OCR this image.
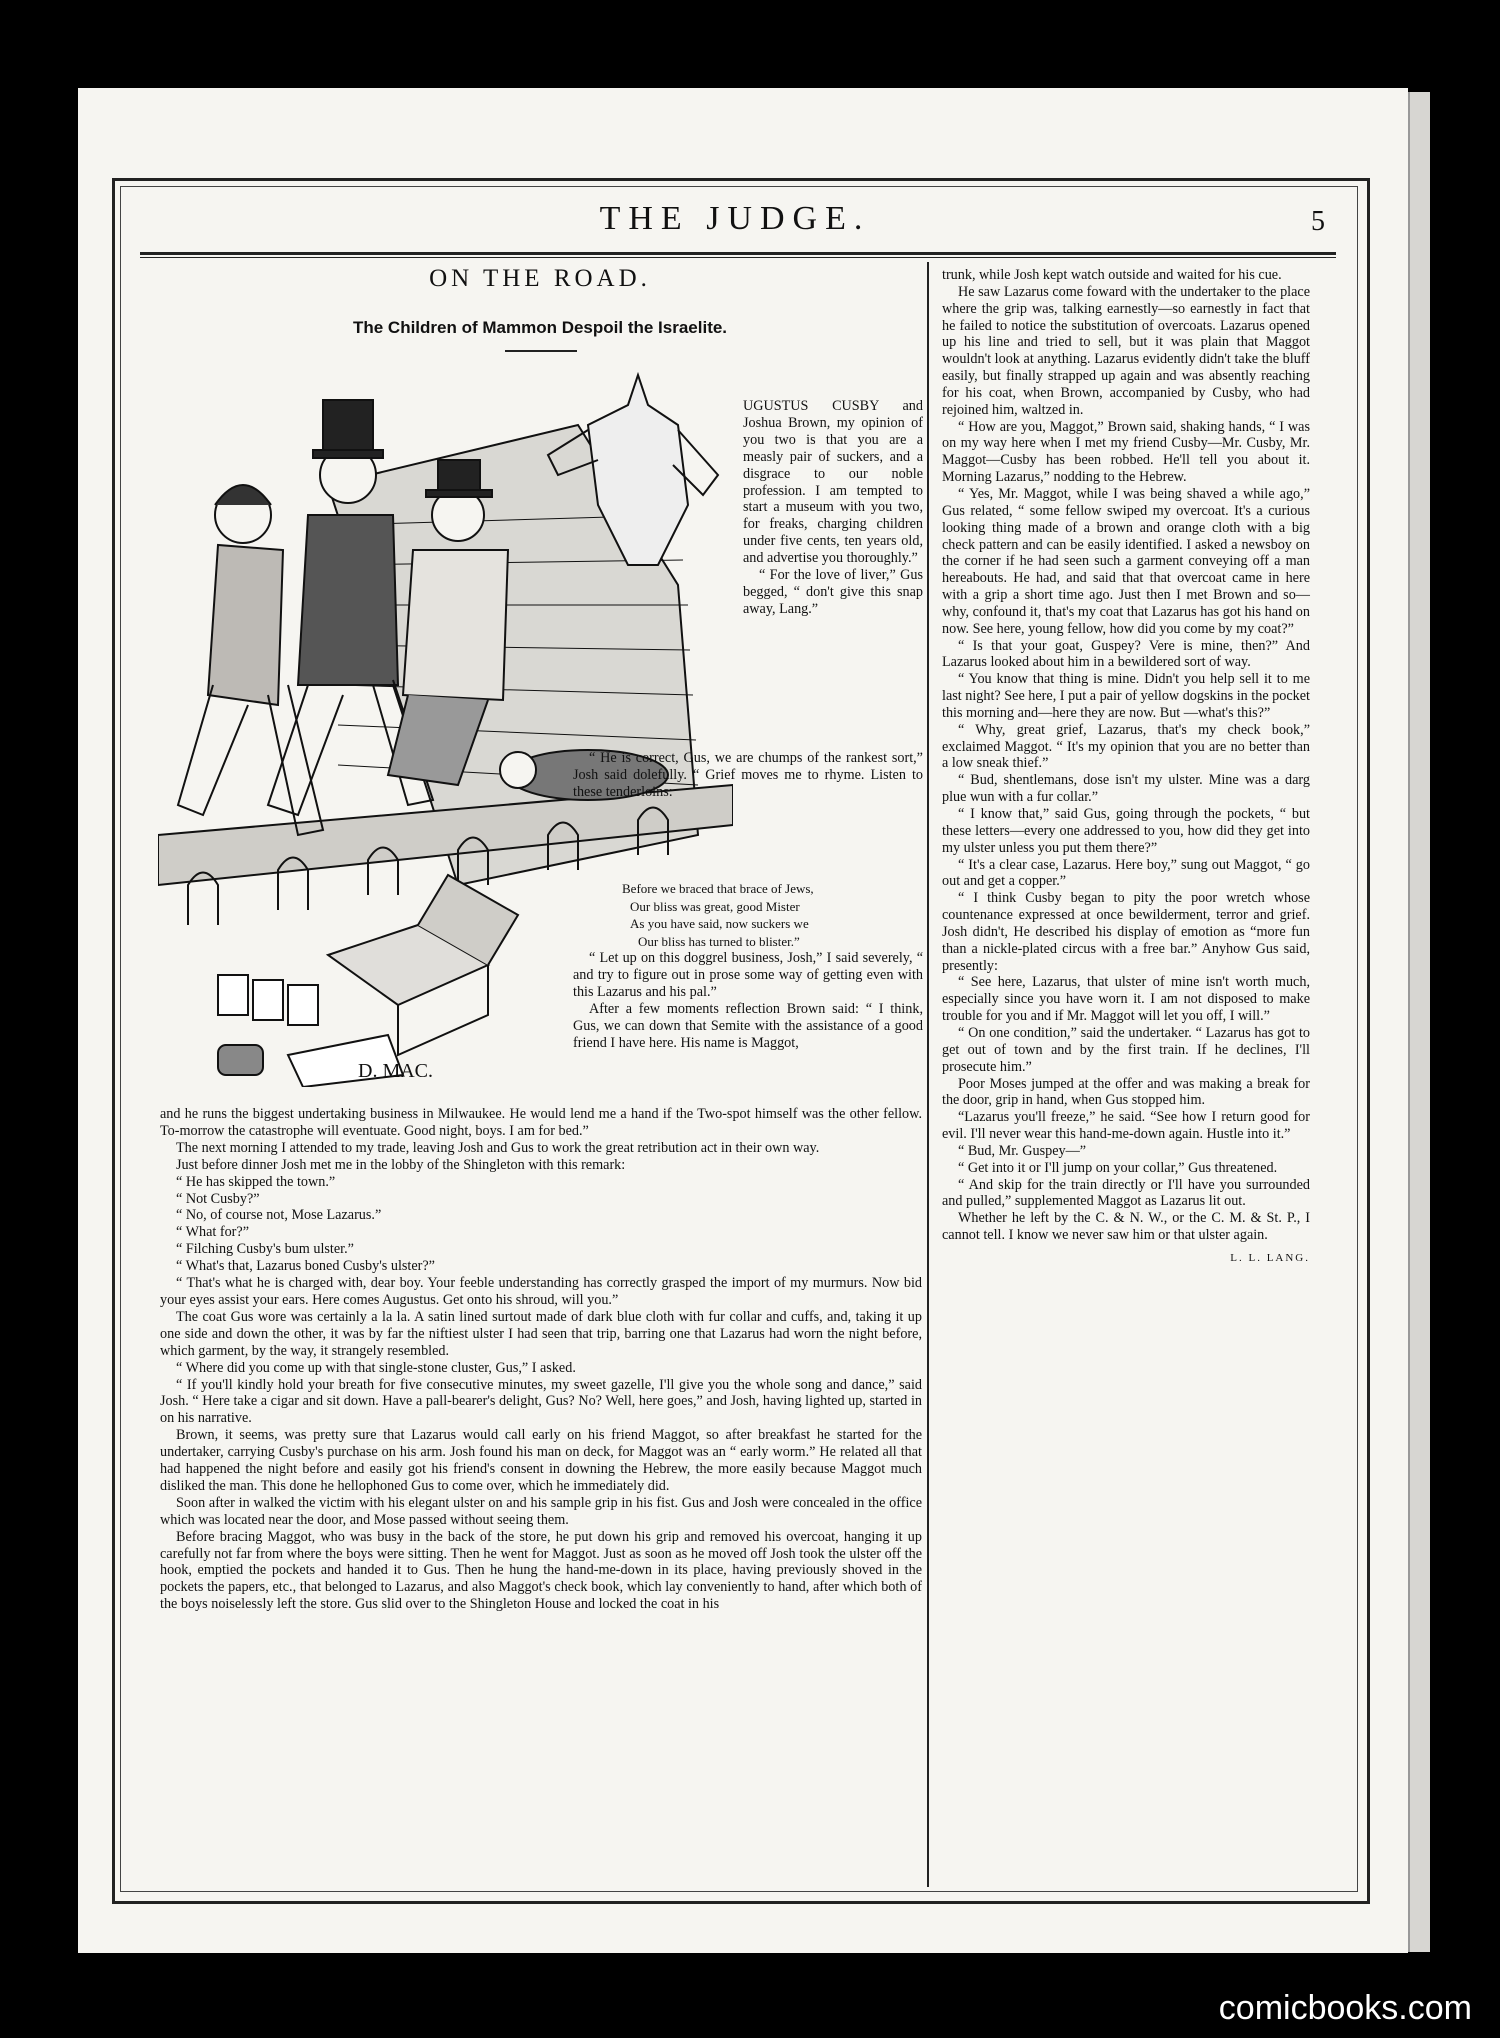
THE JUDGE.	5
ON THE ROAD.
The Children of Mammon Despoil the Israelite.
D. MAC.

UGUSTUS CUSBY and Joshua Brown, my opinion of you two is that you are a measly pair of suckers, and a disgrace to our noble profession. I am tempted to start a museum with you two, for freaks, charging children under five cents, ten years old, and advertise you thoroughly.”

“ For the love of liver,” Gus begged, “ don't give this snap away, Lang.”

“ He is correct, Gus, we are chumps of the rankest sort,” Josh said dolefully. “ Grief moves me to rhyme. Listen to these tenderloins:

Before we braced that brace of Jews,
Our bliss was great, good Mister
As you have said, now suckers we
Our bliss has turned to blister.”

“ Let up on this doggrel business, Josh,” I said severely, “ and try to figure out in prose some way of getting even with this Lazarus and his pal.”

After a few moments reflection Brown said: “ I think, Gus, we can down that Semite with the assistance of a good friend I have here. His name is Maggot,

and he runs the biggest undertaking business in Milwaukee. He would lend me a hand if the Two-spot himself was the other fellow. To-morrow the catastrophe will eventuate. Good night, boys. I am for bed.”

The next morning I attended to my trade, leaving Josh and Gus to work the great retribution act in their own way.

Just before dinner Josh met me in the lobby of the Shingleton with this remark:

“ He has skipped the town.”

“ Not Cusby?”

“ No, of course not, Mose Lazarus.”

“ What for?”

“ Filching Cusby's bum ulster.”

“ What's that, Lazarus boned Cusby's ulster?”

“ That's what he is charged with, dear boy. Your feeble understanding has correctly grasped the import of my murmurs. Now bid your eyes assist your ears. Here comes Augustus. Get onto his shroud, will you.”

The coat Gus wore was certainly a la la. A satin lined surtout made of dark blue cloth with fur collar and cuffs, and, taking it up one side and down the other, it was by far the niftiest ulster I had seen that trip, barring one that Lazarus had worn the night before, which garment, by the way, it strangely resembled.

“ Where did you come up with that single-stone cluster, Gus,” I asked.

“ If you'll kindly hold your breath for five consecutive minutes, my sweet gazelle, I'll give you the whole song and dance,” said Josh. “ Here take a cigar and sit down. Have a pall-bearer's delight, Gus? No? Well, here goes,” and Josh, having lighted up, started in on his narrative.

Brown, it seems, was pretty sure that Lazarus would call early on his friend Maggot, so after breakfast he started for the undertaker, carrying Cusby's purchase on his arm. Josh found his man on deck, for Maggot was an “ early worm.” He related all that had happened the night before and easily got his friend's consent in downing the Hebrew, the more easily because Maggot much disliked the man. This done he hellophoned Gus to come over, which he immediately did.

Soon after in walked the victim with his elegant ulster on and his sample grip in his fist. Gus and Josh were concealed in the office which was located near the door, and Mose passed without seeing them.

Before bracing Maggot, who was busy in the back of the store, he put down his grip and removed his overcoat, hanging it up carefully not far from where the boys were sitting. Then he went for Maggot. Just as soon as he moved off Josh took the ulster off the hook, emptied the pockets and handed it to Gus. Then he hung the hand-me-down in its place, having previously shoved in the pockets the papers, etc., that belonged to Lazarus, and also Maggot's check book, which lay conveniently to hand, after which both of the boys noiselessly left the store. Gus slid over to the Shingleton House and locked the coat in his

trunk, while Josh kept watch outside and waited for his cue.

He saw Lazarus come foward with the undertaker to the place where the grip was, talking earnestly—so earnestly in fact that he failed to notice the substitution of overcoats. Lazarus opened up his line and tried to sell, but it was plain that Maggot wouldn't look at anything. Lazarus evidently didn't take the bluff easily, but finally strapped up again and was absently reaching for his coat, when Brown, accompanied by Cusby, who had rejoined him, waltzed in.

“ How are you, Maggot,” Brown said, shaking hands, “ I was on my way here when I met my friend Cusby—Mr. Cusby, Mr. Maggot—Cusby has been robbed. He'll tell you about it. Morning Lazarus,” nodding to the Hebrew.

“ Yes, Mr. Maggot, while I was being shaved a while ago,” Gus related, “ some fellow swiped my overcoat. It's a curious looking thing made of a brown and orange cloth with a big check pattern and can be easily identified. I asked a newsboy on the corner if he had seen such a garment conveying off a man hereabouts. He had, and said that that overcoat came in here with a grip a short time ago. Just then I met Brown and so—why, confound it, that's my coat that Lazarus has got his hand on now. See here, young fellow, how did you come by my coat?”

“ Is that your goat, Guspey? Vere is mine, then?” And Lazarus looked about him in a bewildered sort of way.

“ You know that thing is mine. Didn't you help sell it to me last night? See here, I put a pair of yellow dogskins in the pocket this morning and—here they are now. But —what's this?”

“ Why, great grief, Lazarus, that's my check book,” exclaimed Maggot. “ It's my opinion that you are no better than a low sneak thief.”

“ Bud, shentlemans, dose isn't my ulster. Mine was a darg plue wun with a fur collar.”

“ I know that,” said Gus, going through the pockets, “ but these letters—every one addressed to you, how did they get into my ulster unless you put them there?”

“ It's a clear case, Lazarus. Here boy,” sung out Maggot, “ go out and get a copper.”

“ I think Cusby began to pity the poor wretch whose countenance expressed at once bewilderment, terror and grief. Josh didn't, He described his display of emotion as “more fun than a nickle-plated circus with a free bar.” Anyhow Gus said, presently:

“ See here, Lazarus, that ulster of mine isn't worth much, especially since you have worn it. I am not disposed to make trouble for you and if Mr. Maggot will let you off, I will.”

“ On one condition,” said the undertaker. “ Lazarus has got to get out of town and by the first train. If he declines, I'll prosecute him.”

Poor Moses jumped at the offer and was making a break for the door, grip in hand, when Gus stopped him.

“Lazarus you'll freeze,” he said. “See how I return good for evil. I'll never wear this hand-me-down again. Hustle into it.”

“ Bud, Mr. Guspey—”

“ Get into it or I'll jump on your collar,” Gus threatened.

“ And skip for the train directly or I'll have you surrounded and pulled,” supplemented Maggot as Lazarus lit out.

Whether he left by the C. & N. W., or the C. M. & St. P., I cannot tell. I know we never saw him or that ulster again.

L. L. LANG.

comicbooks.com
